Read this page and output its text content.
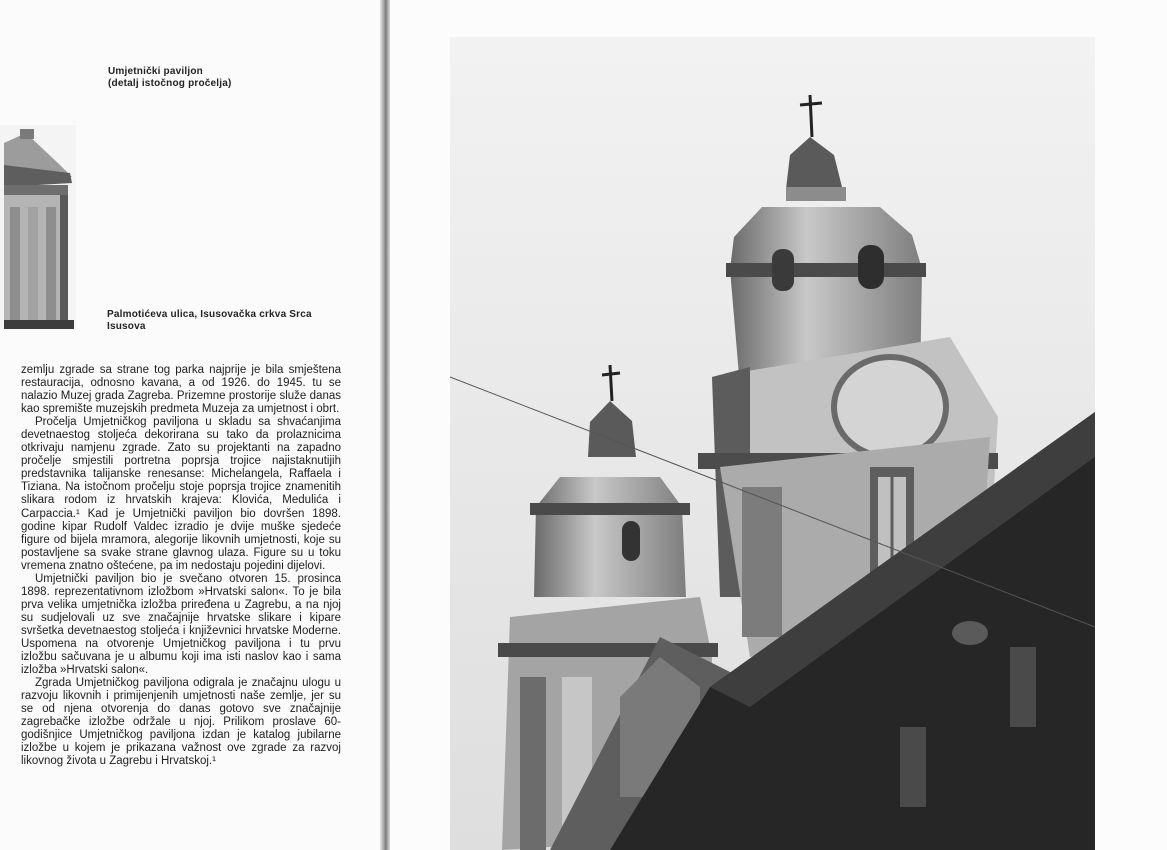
Umjetnički paviljon
(detalj istočnog pročelja)
Palmotićeva ulica, Isusovačka crkva Srca
Isusova

zemlju zgrade sa strane tog parka najprije je bila smještena restauracija, odnosno kavana, a od 1926. do 1945. tu se nalazio Muzej grada Zagreba. Prizemne prostorije služe danas kao spremište muzejskih predmeta Muzeja za umjetnost i obrt.

Pročelja Umjetničkog paviljona u skladu sa shvaćanjima devetnaestog stoljeća dekorirana su tako da prolaznicima otkrivaju namjenu zgrade. Zato su projektanti na zapadno pročelje smjestili portretna poprsja trojice najistaknutijih predstavnika talijanske renesanse: Michelangela, Raffaela i Tiziana. Na istočnom pročelju stoje poprsja trojice znamenitih slikara rodom iz hrvatskih krajeva: Klovića, Medulića i Carpaccia.¹ Kad je Umjetnički paviljon bio dovršen 1898. godine kipar Rudolf Valdec izradio je dvije muške sjedeće figure od bijela mramora, alegorije likovnih umjetnosti, koje su postavljene sa svake strane glavnog ulaza. Figure su u toku vremena znatno oštećene, pa im nedostaju pojedini dijelovi.

Umjetnički paviljon bio je svečano otvoren 15. prosinca 1898. reprezentativnom izložbom »Hrvatski salon«. To je bila prva velika umjetnička izložba priređena u Zagrebu, a na njoj su sudjelovali uz sve značajnije hrvatske slikare i kipare svršetka devetnaestog stoljeća i književnici hrvatske Moderne. Uspomena na otvorenje Umjetničkog paviljona i tu prvu izložbu sačuvana je u albumu koji ima isti naslov kao i sama izložba »Hrvatski salon«.

Zgrada Umjetničkog paviljona odigrala je značajnu ulogu u razvoju likovnih i primijenjenih umjetnosti naše zemlje, jer su se od njena otvorenja do danas gotovo sve značajnije zagrebačke izložbe održale u njoj. Prilikom proslave 60-godišnjice Umjetničkog paviljona izdan je katalog jubilarne izložbe u kojem je prikazana važnost ove zgrade za razvoj likovnog života u Zagrebu i Hrvatskoj.¹
